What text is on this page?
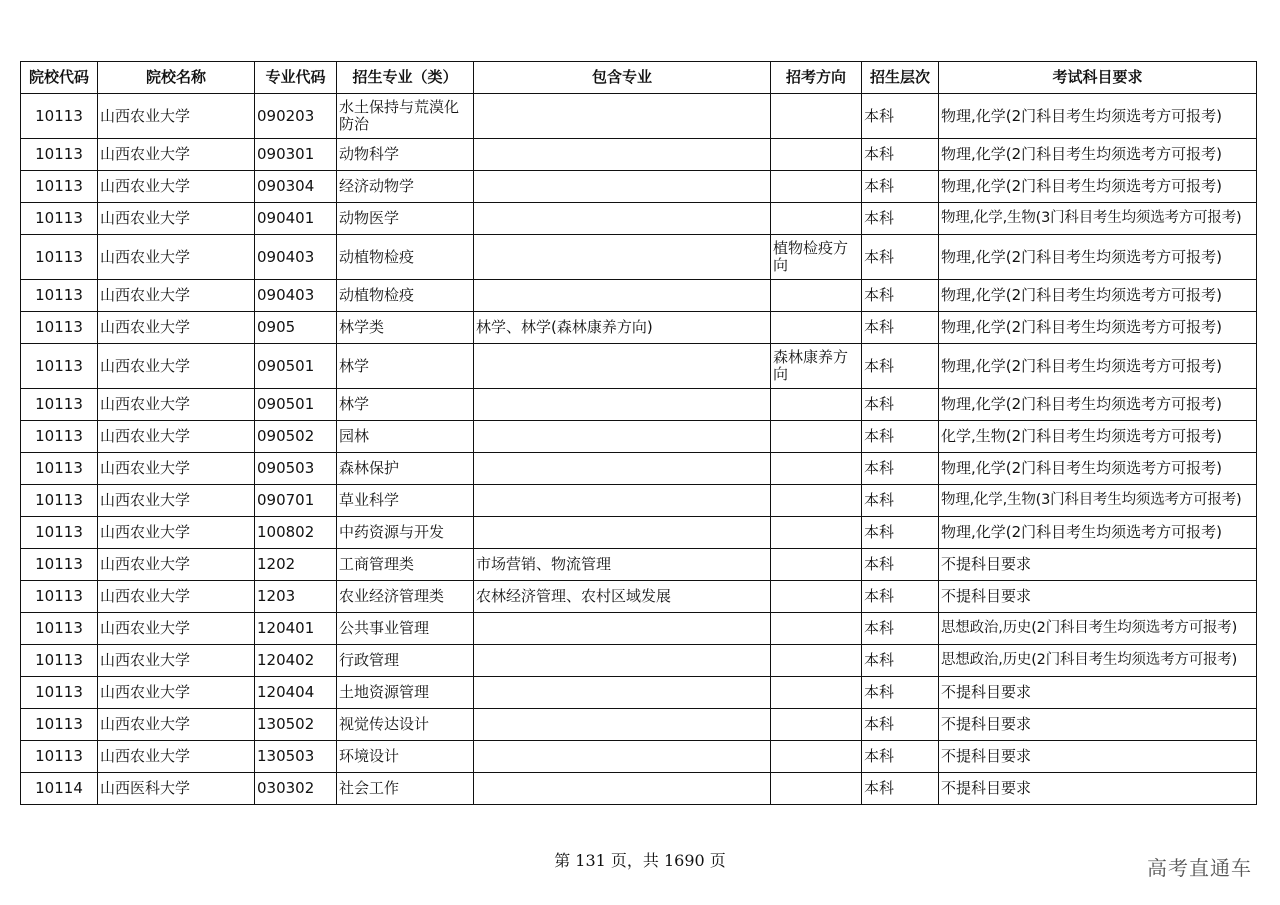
院校代码	院校名称	专业代码	招生专业（类）	包含专业	招考方向	招生层次	考试科目要求
10113	山西农业大学	090203	水土保持与荒漠化防治			本科	物理,化学(2门科目考生均须选考方可报考)
10113	山西农业大学	090301	动物科学			本科	物理,化学(2门科目考生均须选考方可报考)
10113	山西农业大学	090304	经济动物学			本科	物理,化学(2门科目考生均须选考方可报考)
10113	山西农业大学	090401	动物医学			本科	物理,化学,生物(3门科目考生均须选考方可报考)
10113	山西农业大学	090403	动植物检疫		植物检疫方向	本科	物理,化学(2门科目考生均须选考方可报考)
10113	山西农业大学	090403	动植物检疫			本科	物理,化学(2门科目考生均须选考方可报考)
10113	山西农业大学	0905	林学类	林学、林学(森林康养方向)		本科	物理,化学(2门科目考生均须选考方可报考)
10113	山西农业大学	090501	林学		森林康养方向	本科	物理,化学(2门科目考生均须选考方可报考)
10113	山西农业大学	090501	林学			本科	物理,化学(2门科目考生均须选考方可报考)
10113	山西农业大学	090502	园林			本科	化学,生物(2门科目考生均须选考方可报考)
10113	山西农业大学	090503	森林保护			本科	物理,化学(2门科目考生均须选考方可报考)
10113	山西农业大学	090701	草业科学			本科	物理,化学,生物(3门科目考生均须选考方可报考)
10113	山西农业大学	100802	中药资源与开发			本科	物理,化学(2门科目考生均须选考方可报考)
10113	山西农业大学	1202	工商管理类	市场营销、物流管理		本科	不提科目要求
10113	山西农业大学	1203	农业经济管理类	农林经济管理、农村区域发展		本科	不提科目要求
10113	山西农业大学	120401	公共事业管理			本科	思想政治,历史(2门科目考生均须选考方可报考)
10113	山西农业大学	120402	行政管理			本科	思想政治,历史(2门科目考生均须选考方可报考)
10113	山西农业大学	120404	土地资源管理			本科	不提科目要求
10113	山西农业大学	130502	视觉传达设计			本科	不提科目要求
10113	山西农业大学	130503	环境设计			本科	不提科目要求
10114	山西医科大学	030302	社会工作			本科	不提科目要求
第 131 页，共 1690 页	高考直通车
